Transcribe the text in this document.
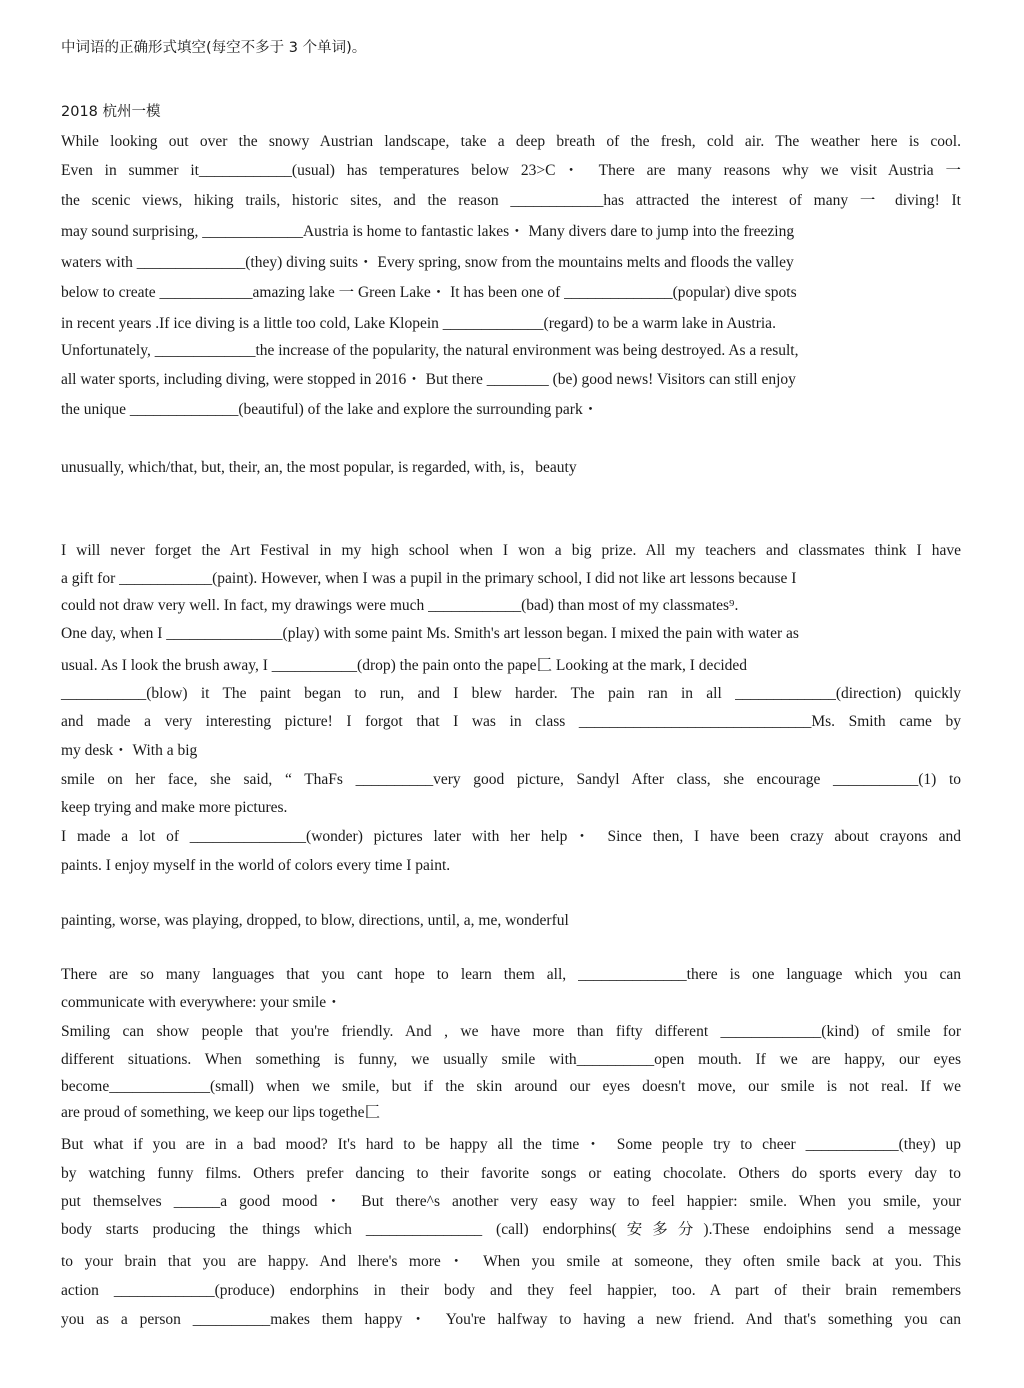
中词语的正确形式填空(每空不多于 3 个单词)。
2018 杭州一模
While looking out over the snowy Austrian landscape, take a deep breath of the fresh, cold air. The weather here is cool.
Even in summer it____________(usual) has temperatures below 23>C・ There are many reasons why we visit Austria 一
the scenic views, hiking trails, historic sites, and the reason ____________has attracted the interest of many 一 diving! It
may sound surprising, _____________Austria is home to fantastic lakes・ Many divers dare to jump into the freezing
waters with ______________(they) diving suits・ Every spring, snow from the mountains melts and floods the valley
below to create ____________amazing lake 一 Green Lake・ It has been one of ______________(popular) dive spots
in recent years .If ice diving is a little too cold, Lake Klopein _____________(regard) to be a warm lake in Austria.
Unfortunately, _____________the increase of the popularity, the natural environment was being destroyed. As a result,
all water sports, including diving, were stopped in 2016・ But there ________ (be) good news! Visitors can still enjoy
the unique ______________(beautiful) of the lake and explore the surrounding park・
unusually, which/that, but, their, an, the most popular, is regarded, with, is，beauty
I will never forget the Art Festival in my high school when I won a big prize. All my teachers and classmates think I have
a gift for ____________(paint). However, when I was a pupil in the primary school, I did not like art lessons because I
could not draw very well. In fact, my drawings were much ____________(bad) than most of my classmates⁹.
One day, when I _______________(play) with some paint Ms. Smith's art lesson began. I mixed the pain with water as
usual. As I look the brush away, I ___________(drop) the pain onto the pape匚 Looking at the mark, I decided
___________(blow) it The paint began to run, and I blew harder. The pain ran in all _____________(direction) quickly
and made a very interesting picture! I forgot that I was in class ______________________________Ms. Smith came by
my desk・ With a big
smile on her face, she said, “ ThaFs __________very good picture, Sandyl After class, she encourage ___________(1) to
keep trying and make more pictures.
I made a lot of _______________(wonder) pictures later with her help・ Since then, I have been crazy about crayons and
paints. I enjoy myself in the world of colors every time I paint.
painting, worse, was playing, dropped, to blow, directions, until, a, me, wonderful
There are so many languages that you cant hope to learn them all, ______________there is one language which you can
communicate with everywhere: your smile・
Smiling can show people that you're friendly. And , we have more than fifty different _____________(kind) of smile for
different situations. When something is funny, we usually smile with__________open mouth. If we are happy, our eyes
become_____________(small) when we smile, but if the skin around our eyes doesn't move, our smile is not real. If we
are proud of something, we keep our lips togethe匚
But what if you are in a bad mood? It's hard to be happy all the time・ Some people try to cheer ____________(they) up
by watching funny films. Others prefer dancing to their favorite songs or eating chocolate. Others do sports every day to
put themselves ______a good mood・ But there^s another very easy way to feel happier: smile. When you smile, your
body starts producing the things which _______________ (call) endorphins(安多分).These endoiphins send a message
to your brain that you are happy. And lhere's more・ When you smile at someone, they often smile back at you. This
action _____________(produce) endorphins in their body and they feel happier, too. A part of their brain remembers
you as a person __________makes them happy・ You're halfway to having a new friend. And that's something you can
